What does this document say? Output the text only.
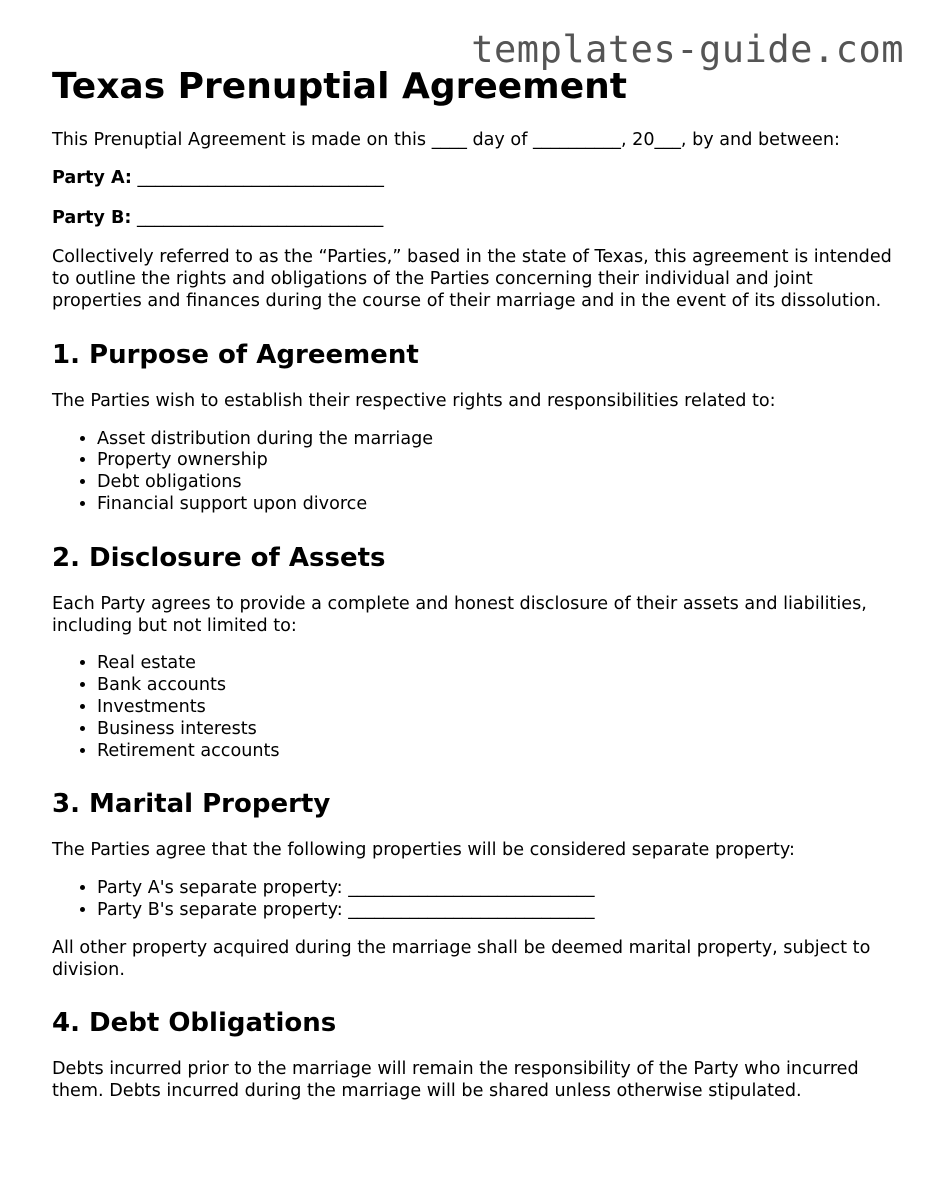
templates-guide.com
Texas Prenuptial Agreement

This Prenuptial Agreement is made on this ____ day of __________, 20___, by and between:

Party A: ____________________________

Party B: ____________________________

Collectively referred to as the “Parties,” based in the state of Texas, this agreement is intended to outline the rights and obligations of the Parties concerning their individual and joint properties and finances during the course of their marriage and in the event of its dissolution.

1. Purpose of Agreement

The Parties wish to establish their respective rights and responsibilities related to:

• Asset distribution during the marriage
• Property ownership
• Debt obligations
• Financial support upon divorce
2. Disclosure of Assets

Each Party agrees to provide a complete and honest disclosure of their assets and liabilities, including but not limited to:

• Real estate
• Bank accounts
• Investments
• Business interests
• Retirement accounts
3. Marital Property

The Parties agree that the following properties will be considered separate property:

• Party A's separate property: ____________________________
• Party B's separate property: ____________________________

All other property acquired during the marriage shall be deemed marital property, subject to division.

4. Debt Obligations

Debts incurred prior to the marriage will remain the responsibility of the Party who incurred them. Debts incurred during the marriage will be shared unless otherwise stipulated.
